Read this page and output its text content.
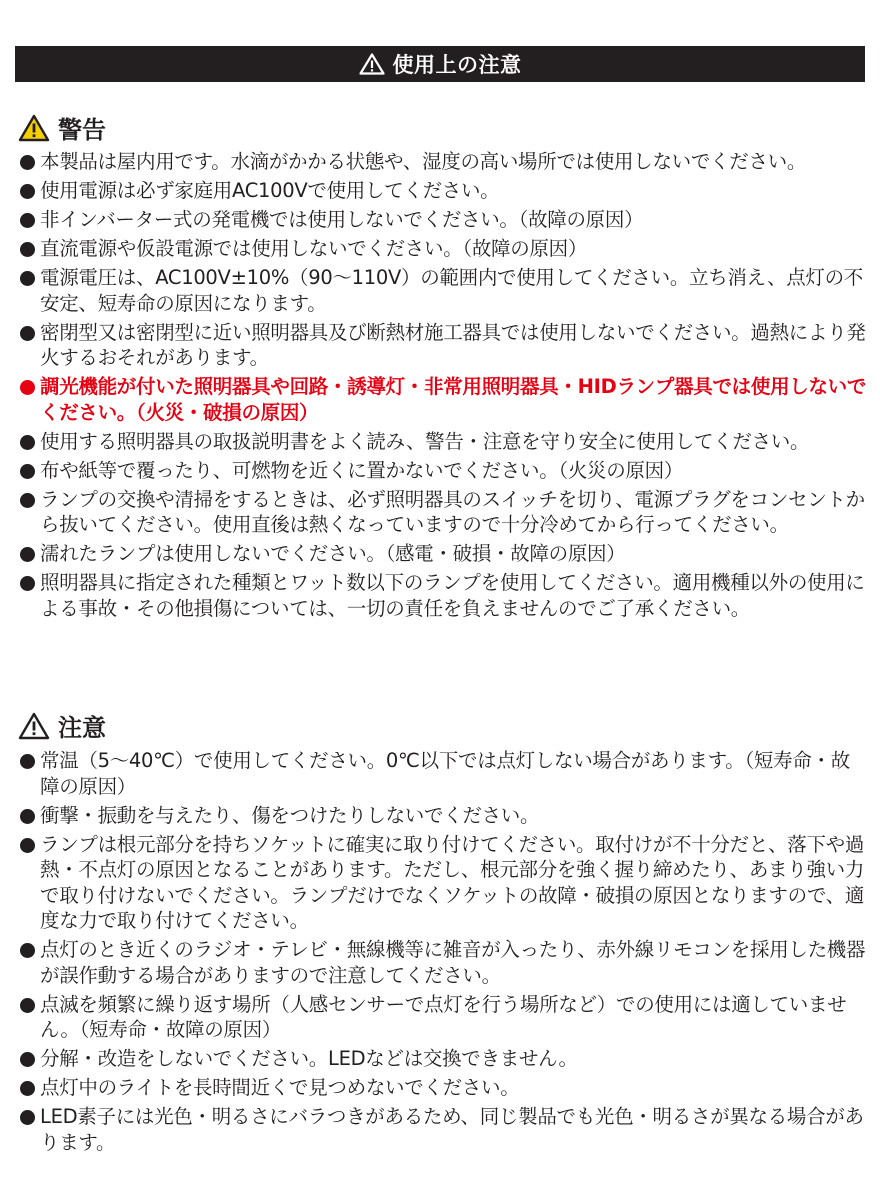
使用上の注意
警告
本製品は屋内用です。水滴がかかる状態や、湿度の高い場所では使用しないでください。
使用電源は必ず家庭用AC100Vで使用してください。
非インバーター式の発電機では使用しないでください。（故障の原因）
直流電源や仮設電源では使用しないでください。（故障の原因）
電源電圧は、AC100V±10%（90～110V）の範囲内で使用してください。立ち消え、点灯の不安定、短寿命の原因になります。
密閉型又は密閉型に近い照明器具及び断熱材施工器具では使用しないでください。過熱により発火するおそれがあります。
調光機能が付いた照明器具や回路・誘導灯・非常用照明器具・HIDランプ器具では使用しないでください。（火災・破損の原因）
使用する照明器具の取扱説明書をよく読み、警告・注意を守り安全に使用してください。
布や紙等で覆ったり、可燃物を近くに置かないでください。（火災の原因）
ランプの交換や清掃をするときは、必ず照明器具のスイッチを切り、電源プラグをコンセントから抜いてください。使用直後は熱くなっていますので十分冷めてから行ってください。
濡れたランプは使用しないでください。（感電・破損・故障の原因）
照明器具に指定された種類とワット数以下のランプを使用してください。適用機種以外の使用による事故・その他損傷については、一切の責任を負えませんのでご了承ください。
注意
常温（5～40℃）で使用してください。0℃以下では点灯しない場合があります。（短寿命・故障の原因）
衝撃・振動を与えたり、傷をつけたりしないでください。
ランプは根元部分を持ちソケットに確実に取り付けてください。取付けが不十分だと、落下や過熱・不点灯の原因となることがあります。ただし、根元部分を強く握り締めたり、あまり強い力で取り付けないでください。ランプだけでなくソケットの故障・破損の原因となりますので、適度な力で取り付けてください。
点灯のとき近くのラジオ・テレビ・無線機等に雑音が入ったり、赤外線リモコンを採用した機器が誤作動する場合がありますので注意してください。
点滅を頻繁に繰り返す場所（人感センサーで点灯を行う場所など）での使用には適していません。（短寿命・故障の原因）
分解・改造をしないでください。LEDなどは交換できません。
点灯中のライトを長時間近くで見つめないでください。
LED素子には光色・明るさにバラつきがあるため、同じ製品でも光色・明るさが異なる場合があります。
